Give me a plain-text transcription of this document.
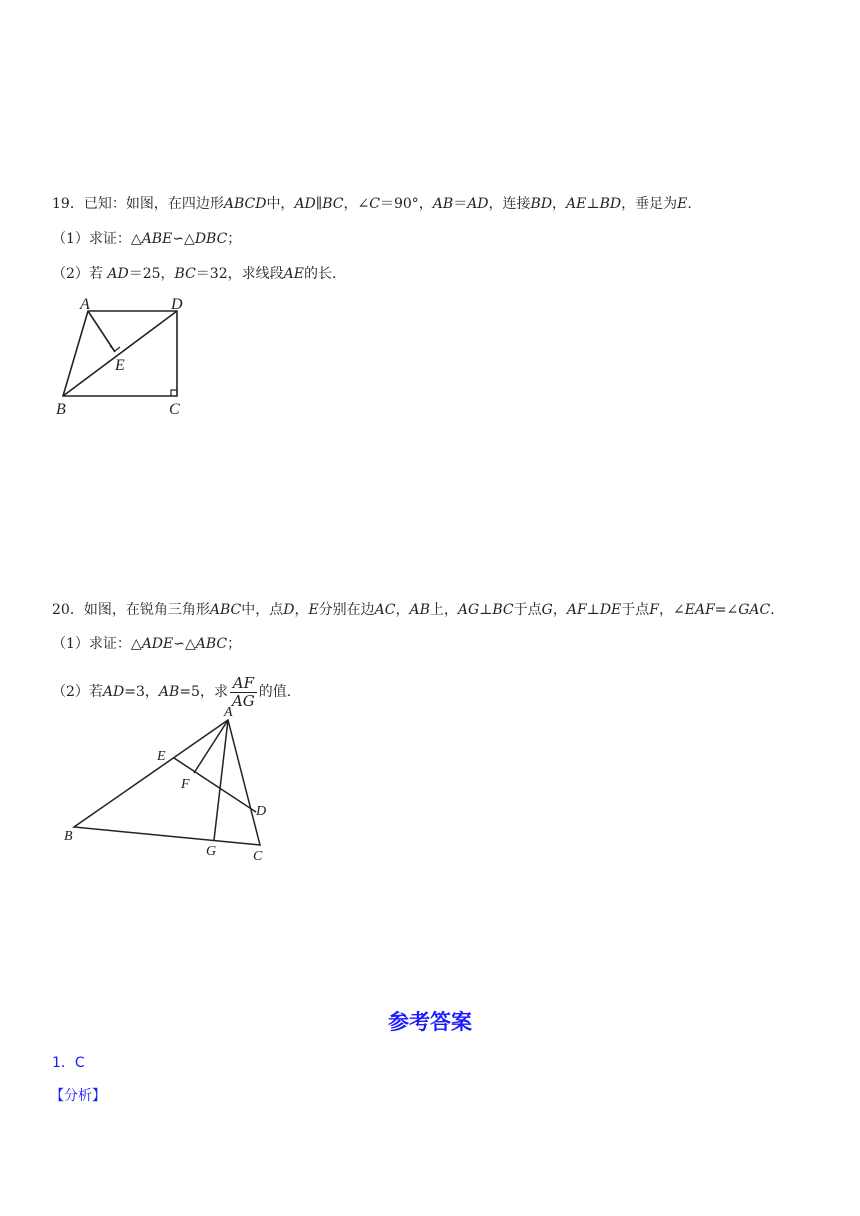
19．已知：如图，在四边形ABCD中，AD∥BC，∠C＝90°，AB＝AD，连接BD，AE⊥BD，垂足为E.
（1）求证：△ABE∽△DBC；
（2）若 AD＝25，BC＝32，求线段AE的长．
A	D
E
B	C
20．如图，在锐角三角形ABC中，点D，E分别在边AC，AB上，AG⊥BC于点G，AF⊥DE于点F，∠EAF=∠GAC.
（1）求证：△ADE∽△ABC；
（2）若AD=3，AB=5，求 $\frac{AF}{AG}$ 的值.
A
E
F
D
B
G	C
参考答案
1．C
【分析】
